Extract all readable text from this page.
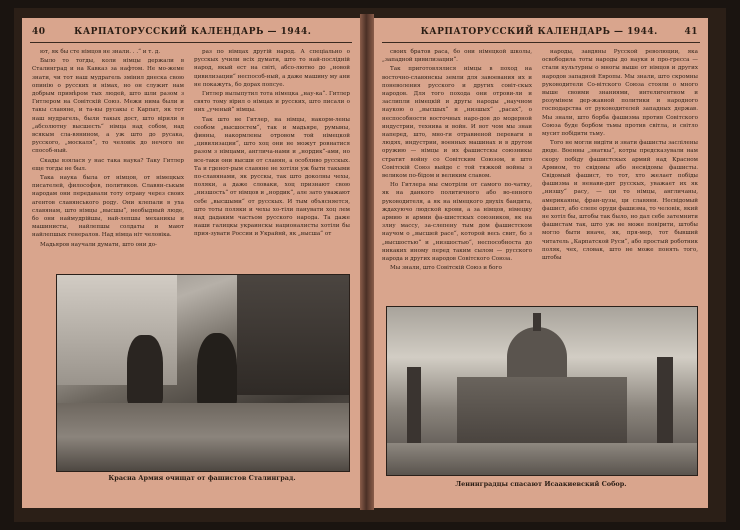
40	КАРПАТОРУССКИЙ КАЛЕНДАРЬ — 1944.

ют, як бы сте німцов не знали. . .“ и т. д.

Было то тогды, коли німцы держали в Сталинград и на Кавказ за нафтом. Не мо-жеме знати, чи тот наш мудрагель змінил днеска свою опинію о русских и німах, но он служит нам добрым примѣром тых людей, што шли разом з Гитлером на Совітскій Союз. Межи нима были и такы славяне, и та-кы русакы с Карпат, як тот наш мудрагель, были такых дост, што вірили в „абсолютну высшесть“ німца над собом, над всякым сла-вянином, а уж штo до русака, русского, „москаля“, то человік до нечого не способ-ный.

Скады взялася у нас така наука? Таку Гитлер еще тогды не был.

Така наука была от німцов, от німецкых писателей, философов, политиков. Славян-ськым народам они передавали тоту отраву через своих агентов славянського роду. Они клепали в уха славянам, што німцы „высшы“, необыдный люде, бо они наймудрійшы, най-лепшы механикы и машинисты, найлепшы солдаты и мают найлепшых генералов. Над німца ніт человіка.

Мадьяров научали думати, што они до-

раз по німцах другій народ. А спеціально о русскых учили всіх думати, што то най-послідній народ, якый ест на світі, абсо-лютно до „новой цивилизации“ неспособ-ный, а даже машину му ани не покажуть, бо дорах попсуе.

Гитлер вылыпутил тота німецка „нау-ка“. Гитлер свято тому вірил о німцах и русских, што писали о них „ученый“ німцы.

Так што не Гитлер, на німцы, накорм-лены сеобом „высшостем“, так и мадьяре, румыны, финны, накормлены отровом той німецкой „цивилизации“, што хоц они не можут ровнатися разом з німцами, англича-нами и „нордик“-ами, но все-таки они высши от славян, а особливо русскых. Та и гденот-рым славяне не хотіли уж быти такыми по-славянами, як русскы, так што доколны чехы, поляки, а даже словаки, хоц признают свою „низшость“ от німцов и „нордик“, але зато уважают себе „высшыми“ от русскых. И тым объясняется, што тоты поляки и чехы хо-тіли панувати хоц лем над дадаким частьом русского народа. Та даже наши галицкы украинскы националисты хотіли бы прия-зувати России и Украйнй, як „высша“ от

Красна Армия очищат от фашистов Сталинград.
КАРПАТОРУССКИЙ КАЛЕНДАРЬ — 1944.	41

своих братов раса, бо они німецкой школы, „западной цивилизации“.

Так приготовлялися німцы в поход на восточно-славянскы земли для завоевания их и поневоления русского и других совіт-скых народов. Для того похода они отрови-ли и заслипли німецкій и другы народы „научном наукою о „высшых“ и „низшых“ „расах“, о неспособности восточных наро-дов до модерной индустрии, технива и войн. И вот чом мы знаи наперед, што, мно-ги отравиеной переваги в людях, индустрии, военных машинах и в другом оружию — німцы и их фашистскы союзникы стратит войну со Совітским Союзом, и што Совітскій Союз выйде с той тяжкой войны з великом по-бідом и великим славом.

Но Гитлера мы смотріли от самого по-чатку, як на данкого политичного або во-енного руководителя, а як на німецкого двухіх бандита, ждахуючо людской крови, а за німцов, німецку армию и армии фа-шистскых союзников, як на злиу массу, за-слепену тым дом фашистском научом о „высшей расе“, которой весь свит, бо з „высшостью“ и „низшостью“, неспособноста до никаких иному перед таким сылом — русского народа и других народов Совітского Союза.

Мы знали, што Совітскій Союз и бого

народы, завдяны Русской революции, яка освободила тоты народы до науки и про-гресса — стали культурны о многы выше от німцов и других народов западной Европы. Мы знали, што скромны руководители Со-вітского Союза стояли о много выше своими знаниями, интелигентном и розумінем дер-жавной политики и народного господарства от руководителей западных держав. Мы знали, што борба фашизма против Совітского Союза буде борбом тьмы против світла, и світло мусит побідити тьму.

Того не могли видіти и знати фашисты заслілены дюде. Военны „знаткы“, котры предсказували нам скору побіду фашистскых армий над Красном Армиом, то свідомы або несвідомы фашисты. Свідомый фашист, то тот, хто желает побіды фашизма и ненави-дит русскых, уважает их як „низшу“ расу, — ци то німцы, англичаны, америкаяны, фран-цузы, ци славяни. Несвідомый фашист, або слепе оруди фашизма, то человік, який не хотіл бы, штобы так было, но дал себе затемнити фашистам так, што уж не може повірити, штобы могло быти иначе, як, пря-мер, тот бывший читатель „Карпатской Руси“, або простый роботник поляк, чех, словак, што не може понять того, штобы

Ленинградцы спасают Исаакиевский Собор.
